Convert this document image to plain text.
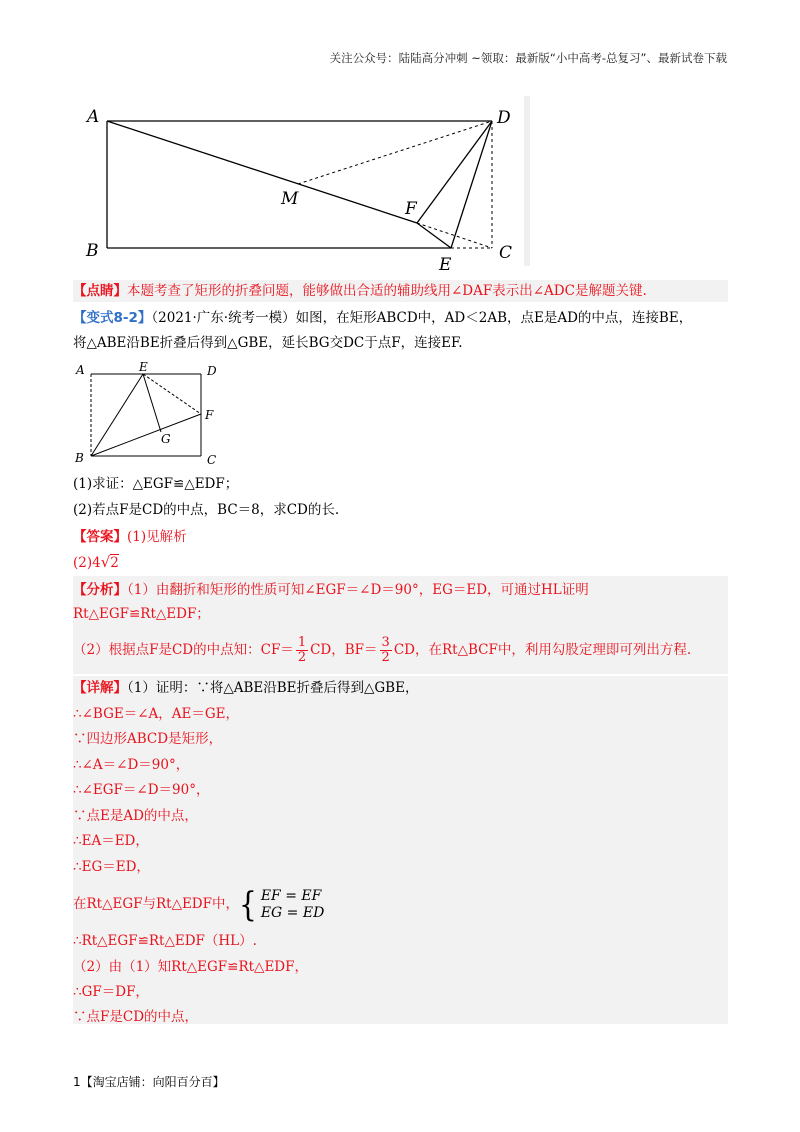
关注公众号：陆陆高分冲刺 ~领取：最新版“小中高考-总复习”、最新试卷下载
A	D
B	C
E
F
M
【点睛】本题考查了矩形的折叠问题，能够做出合适的辅助线用∠DAF表示出∠ADC是解题关键.
【变式8-2】（2021·广东·统考一模）如图，在矩形ABCD中，AD＜2AB，点E是AD的中点，连接BE，
将△ABE沿BE折叠后得到△GBE，延长BG交DC于点F，连接EF.
A	E	D
F
G
B	C
(1)求证：△EGF≌△EDF；
(2)若点F是CD的中点，BC＝8，求CD的长.
【答案】(1)见解析
(2)4√2
【分析】（1）由翻折和矩形的性质可知∠EGF＝∠D＝90°，EG＝ED，可通过HL证明
Rt△EGF≌Rt△EDF；
（2）根据点F是CD的中点知：$CF= \frac{1}{2}$ CD，$BF= \frac{3}{2}$ CD，在Rt△BCF中，利用勾股定理即可列出方程.
【详解】（1）证明：∵将△ABE沿BE折叠后得到△GBE，
∴∠BGE＝∠A，AE＝GE，
∵四边形ABCD是矩形，
∴∠A＝∠D＝90°，
∴∠EGF＝∠D＝90°，
∵点E是AD的中点，
∴EA＝ED，
∴EG＝ED，
在Rt△EGF与Rt△EDF中，{ EF = EF
EG = ED
∴Rt△EGF≌Rt△EDF（HL）.
（2）由（1）知Rt△EGF≌Rt△EDF，
∴GF＝DF，
∵点F是CD的中点，
1【淘宝店铺：向阳百分百】
